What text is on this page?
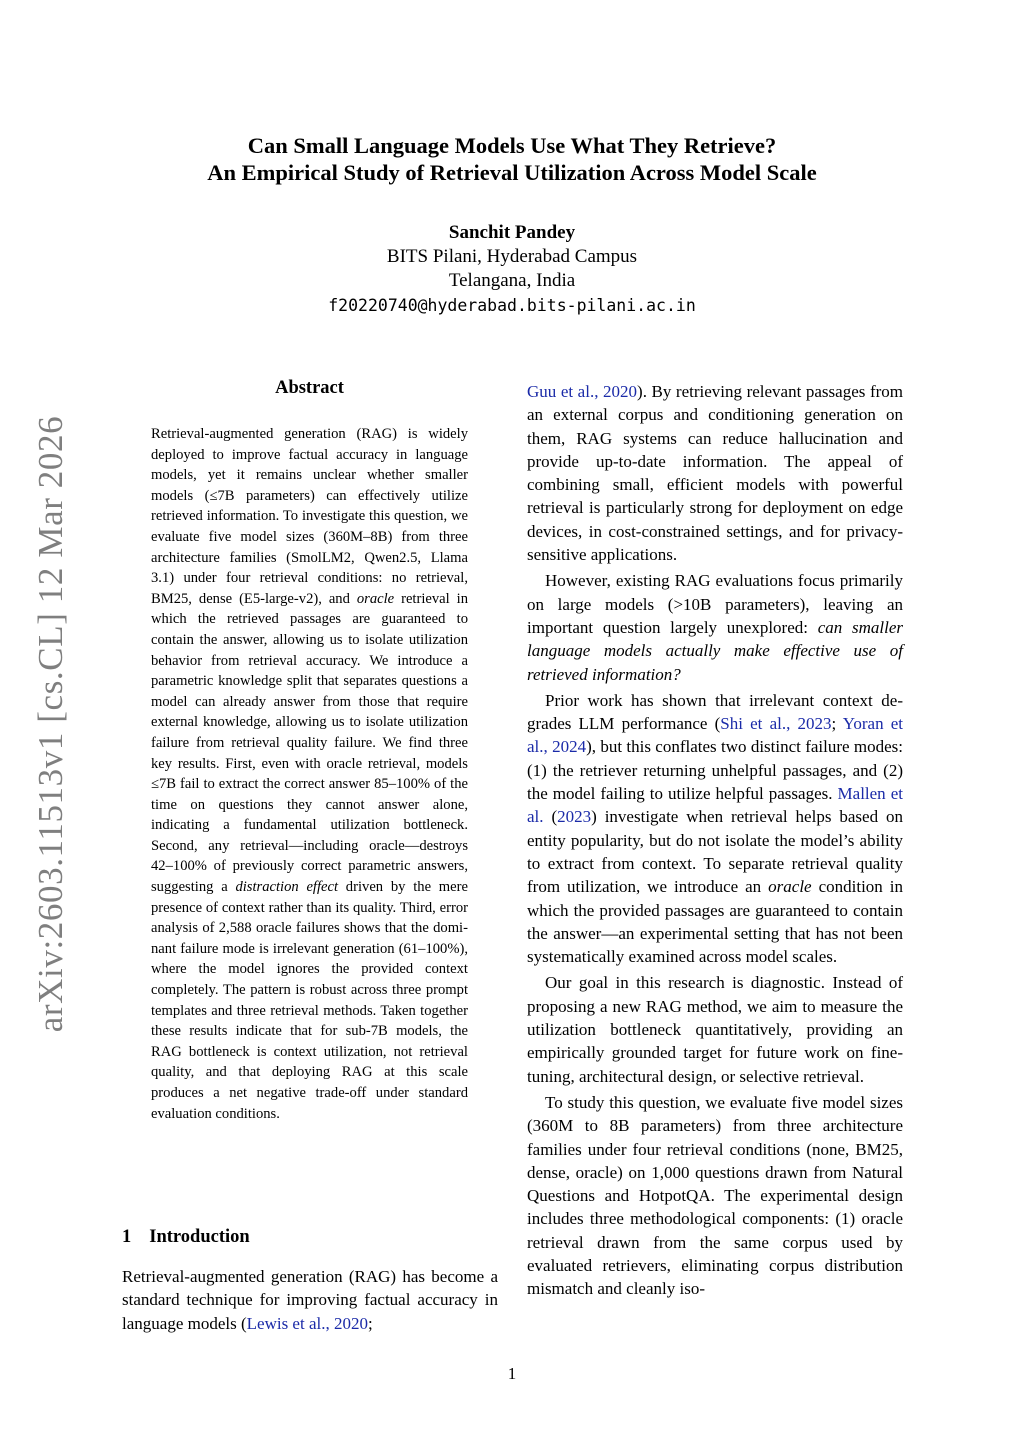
Can Small Language Models Use What They Retrieve?
An Empirical Study of Retrieval Utilization Across Model Scale
Sanchit Pandey
BITS Pilani, Hyderabad Campus
Telangana, India
f20220740@hyderabad.bits-pilani.ac.in
arXiv:2603.11513v1 [cs.CL] 12 Mar 2026
Abstract

Retrieval-augmented generation (RAG) is widely deployed to improve factual accuracy in language models, yet it remains unclear whether smaller models (≤7B parameters) can effectively utilize retrieved information. To investigate this question, we evaluate five model sizes (360M–8B) from three architecture families (SmolLM2, Qwen2.5, Llama 3.1) under four retrieval conditions: no retrieval, BM25, dense (E5-large-v2), and oracle retrieval in which the retrieved passages are guaranteed to contain the answer, allowing us to isolate utilization behavior from retrieval accuracy. We introduce a parametric knowledge split that separates questions a model can already answer from those that require external knowledge, allowing us to isolate utilization failure from retrieval quality failure. We find three key results. First, even with oracle retrieval, models ≤7B fail to extract the correct answer 85–100% of the time on questions they cannot answer alone, indicating a fundamental utilization bottleneck. Second, any retrieval—including oracle—destroys 42–100% of previously correct parametric answers, suggesting a distraction effect driven by the mere presence of context rather than its quality. Third, error analysis of 2,588 oracle failures shows that the dominant failure mode is irrelevant generation (61–100%), where the model ignores the provided context completely. The pattern is robust across three prompt templates and three retrieval methods. Taken together these results indicate that for sub-7B models, the RAG bottleneck is context utilization, not retrieval quality, and that deploying RAG at this scale produces a net negative trade-off under standard evaluation conditions.

1 Introduction

Retrieval-augmented generation (RAG) has become a standard technique for improving factual accuracy in language models (Lewis et al., 2020;

Guu et al., 2020). By retrieving relevant passages from an external corpus and conditioning generation on them, RAG systems can reduce hallucination and provide up-to-date information. The appeal of combining small, efficient models with powerful retrieval is particularly strong for deployment on edge devices, in cost-constrained settings, and for privacy-sensitive applications.

However, existing RAG evaluations focus primarily on large models (>10B parameters), leaving an important question largely unexplored: can smaller language models actually make effective use of retrieved information?

Prior work has shown that irrelevant context degrades LLM performance (Shi et al., 2023; Yoran et al., 2024), but this conflates two distinct failure modes: (1) the retriever returning unhelpful passages, and (2) the model failing to utilize helpful passages. Mallen et al. (2023) investigate when retrieval helps based on entity popularity, but do not isolate the model’s ability to extract from context. To separate retrieval quality from utilization, we introduce an oracle condition in which the provided passages are guaranteed to contain the answer—an experimental setting that has not been systematically examined across model scales.

Our goal in this research is diagnostic. Instead of proposing a new RAG method, we aim to measure the utilization bottleneck quantitatively, providing an empirically grounded target for future work on fine-tuning, architectural design, or selective retrieval.

To study this question, we evaluate five model sizes (360M to 8B parameters) from three architecture families under four retrieval conditions (none, BM25, dense, oracle) on 1,000 questions drawn from Natural Questions and HotpotQA. The experimental design includes three methodological components: (1) oracle retrieval drawn from the same corpus used by evaluated retrievers, eliminating corpus distribution mismatch and cleanly iso-

1
